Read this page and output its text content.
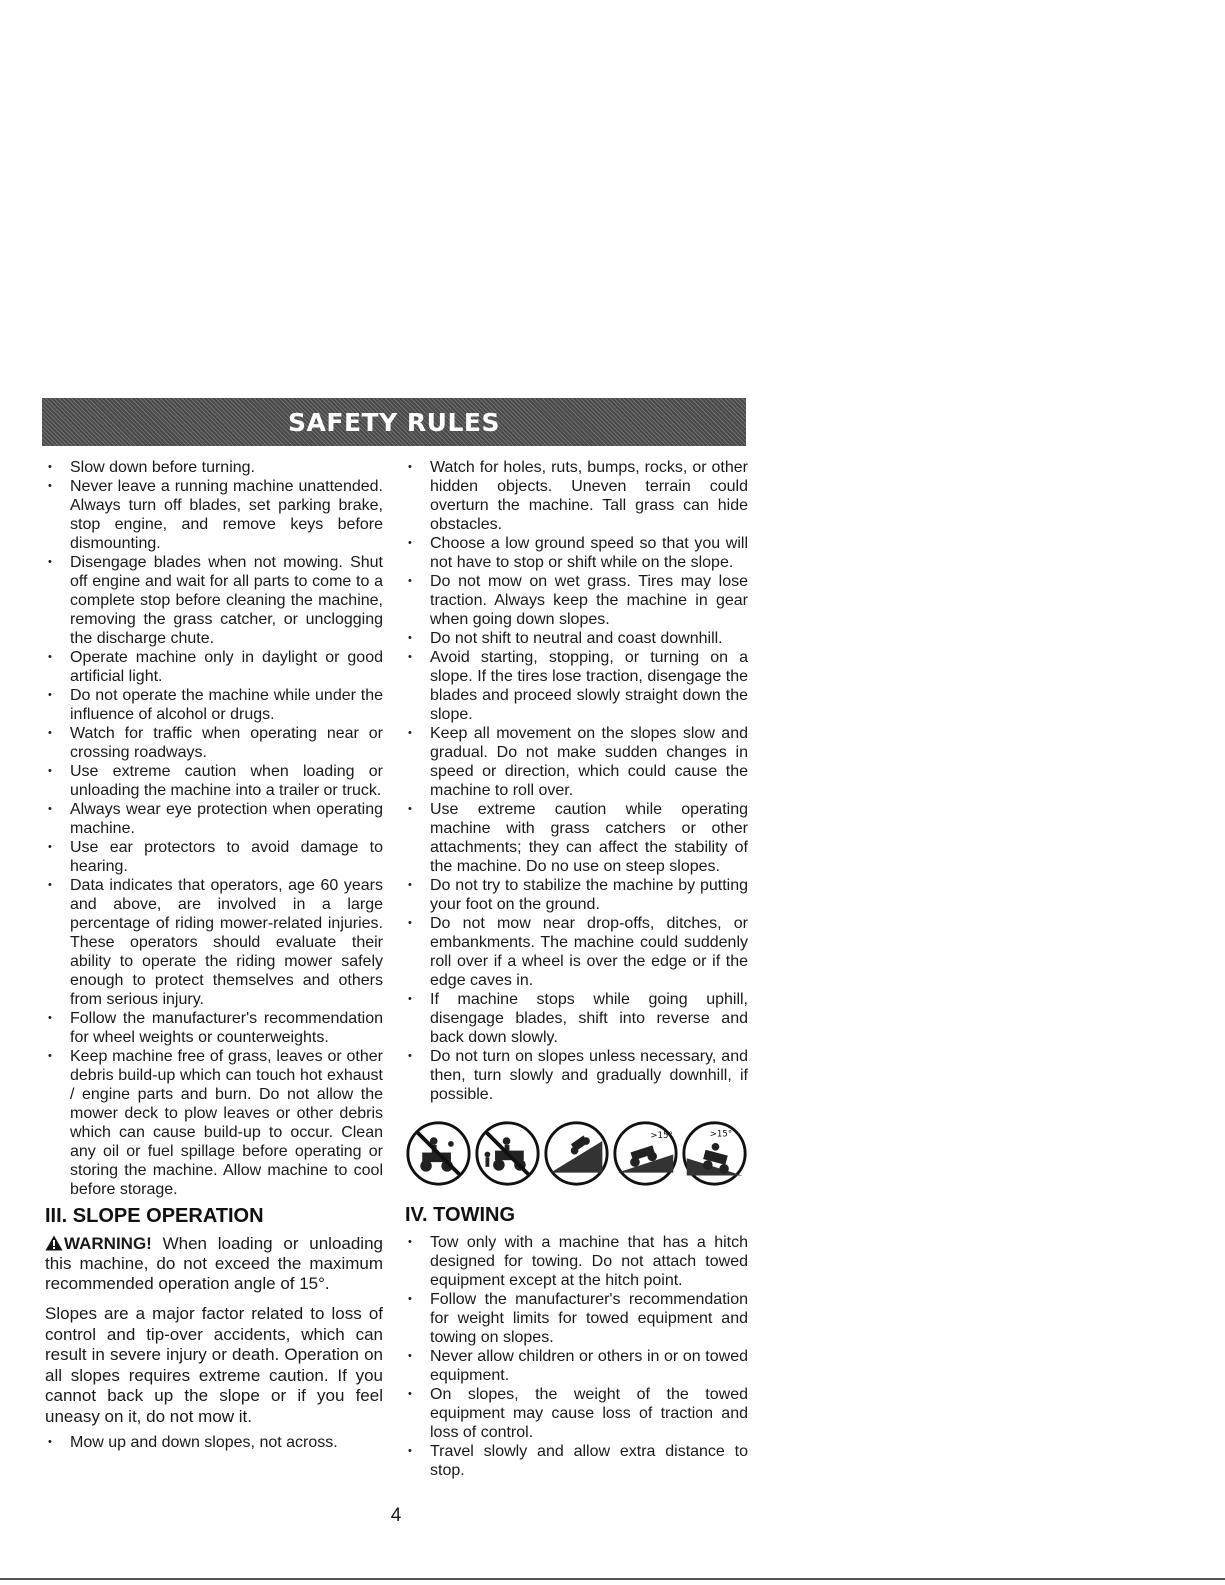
SAFETY RULES
• Slow down before turning.
• Never leave a running machine unattended. Always turn off blades, set parking brake, stop engine, and remove keys before dismounting.
• Disengage blades when not mowing. Shut off engine and wait for all parts to come to a complete stop before cleaning the machine, removing the grass catcher, or unclogging the discharge chute.
• Operate machine only in daylight or good artificial light.
• Do not operate the machine while under the influence of alcohol or drugs.
• Watch for traffic when operating near or crossing roadways.
• Use extreme caution when loading or unloading the machine into a trailer or truck.
• Always wear eye protection when operating machine.
• Use ear protectors to avoid damage to hearing.
• Data indicates that operators, age 60 years and above, are involved in a large percentage of riding mower-related injuries. These operators should evaluate their ability to operate the riding mower safely enough to protect themselves and others from serious injury.
• Follow the manufacturer's recommendation for wheel weights or counterweights.
• Keep machine free of grass, leaves or other debris build-up which can touch hot exhaust / engine parts and burn. Do not allow the mower deck to plow leaves or other debris which can cause build-up to occur. Clean any oil or fuel spillage before operating or storing the machine. Allow machine to cool before storage.
III. SLOPE OPERATION

WARNING! When loading or unloading this machine, do not exceed the maximum recommended operation angle of 15°.

Slopes are a major factor related to loss of control and tip-over accidents, which can result in severe injury or death. Operation on all slopes requires extreme caution. If you cannot back up the slope or if you feel uneasy on it, do not mow it.

• Mow up and down slopes, not across.
• Watch for holes, ruts, bumps, rocks, or other hidden objects. Uneven terrain could overturn the machine. Tall grass can hide obstacles.
• Choose a low ground speed so that you will not have to stop or shift while on the slope.
• Do not mow on wet grass. Tires may lose traction. Always keep the machine in gear when going down slopes.
• Do not shift to neutral and coast downhill.
• Avoid starting, stopping, or turning on a slope. If the tires lose traction, disengage the blades and proceed slowly straight down the slope.
• Keep all movement on the slopes slow and gradual. Do not make sudden changes in speed or direction, which could cause the machine to roll over.
• Use extreme caution while operating machine with grass catchers or other attachments; they can affect the stability of the machine. Do no use on steep slopes.
• Do not try to stabilize the machine by putting your foot on the ground.
• Do not mow near drop-offs, ditches, or embankments. The machine could suddenly roll over if a wheel is over the edge or if the edge caves in.
• If machine stops while going uphill, disengage blades, shift into reverse and back down slowly.
• Do not turn on slopes unless necessary, and then, turn slowly and gradually downhill, if possible.
>15°	>15°
IV. TOWING
• Tow only with a machine that has a hitch designed for towing. Do not attach towed equipment except at the hitch point.
• Follow the manufacturer's recommendation for weight limits for towed equipment and towing on slopes.
• Never allow children or others in or on towed equipment.
• On slopes, the weight of the towed equipment may cause loss of traction and loss of control.
• Travel slowly and allow extra distance to stop.
4
